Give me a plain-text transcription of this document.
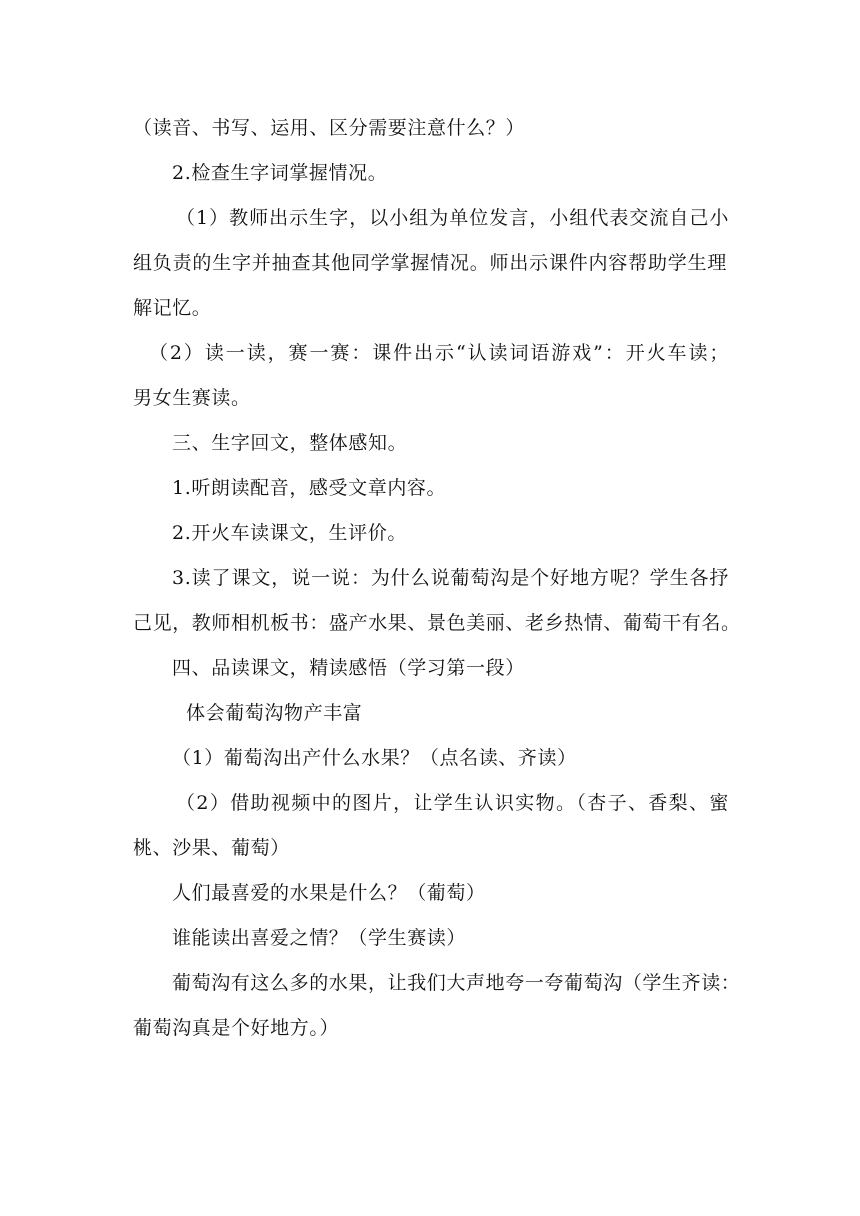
（读音、书写、运用、区分需要注意什么？）
2.检查生字词掌握情况。
（1）教师出示生字，以小组为单位发言，小组代表交流自己小
组负责的生字并抽查其他同学掌握情况。师出示课件内容帮助学生理
解记忆。
（2）读一读，赛一赛：课件出示“认读词语游戏”：开火车读；
男女生赛读。
三、生字回文，整体感知。
1.听朗读配音，感受文章内容。
2.开火车读课文，生评价。
3.读了课文，说一说：为什么说葡萄沟是个好地方呢？学生各抒
己见，教师相机板书：盛产水果、景色美丽、老乡热情、葡萄干有名。
四、品读课文，精读感悟（学习第一段）
体会葡萄沟物产丰富
（1）葡萄沟出产什么水果？（点名读、齐读）
（2）借助视频中的图片，让学生认识实物。（杏子、香梨、蜜
桃、沙果、葡萄）
人们最喜爱的水果是什么？（葡萄）
谁能读出喜爱之情？（学生赛读）
葡萄沟有这么多的水果，让我们大声地夸一夸葡萄沟（学生齐读：
葡萄沟真是个好地方。）
